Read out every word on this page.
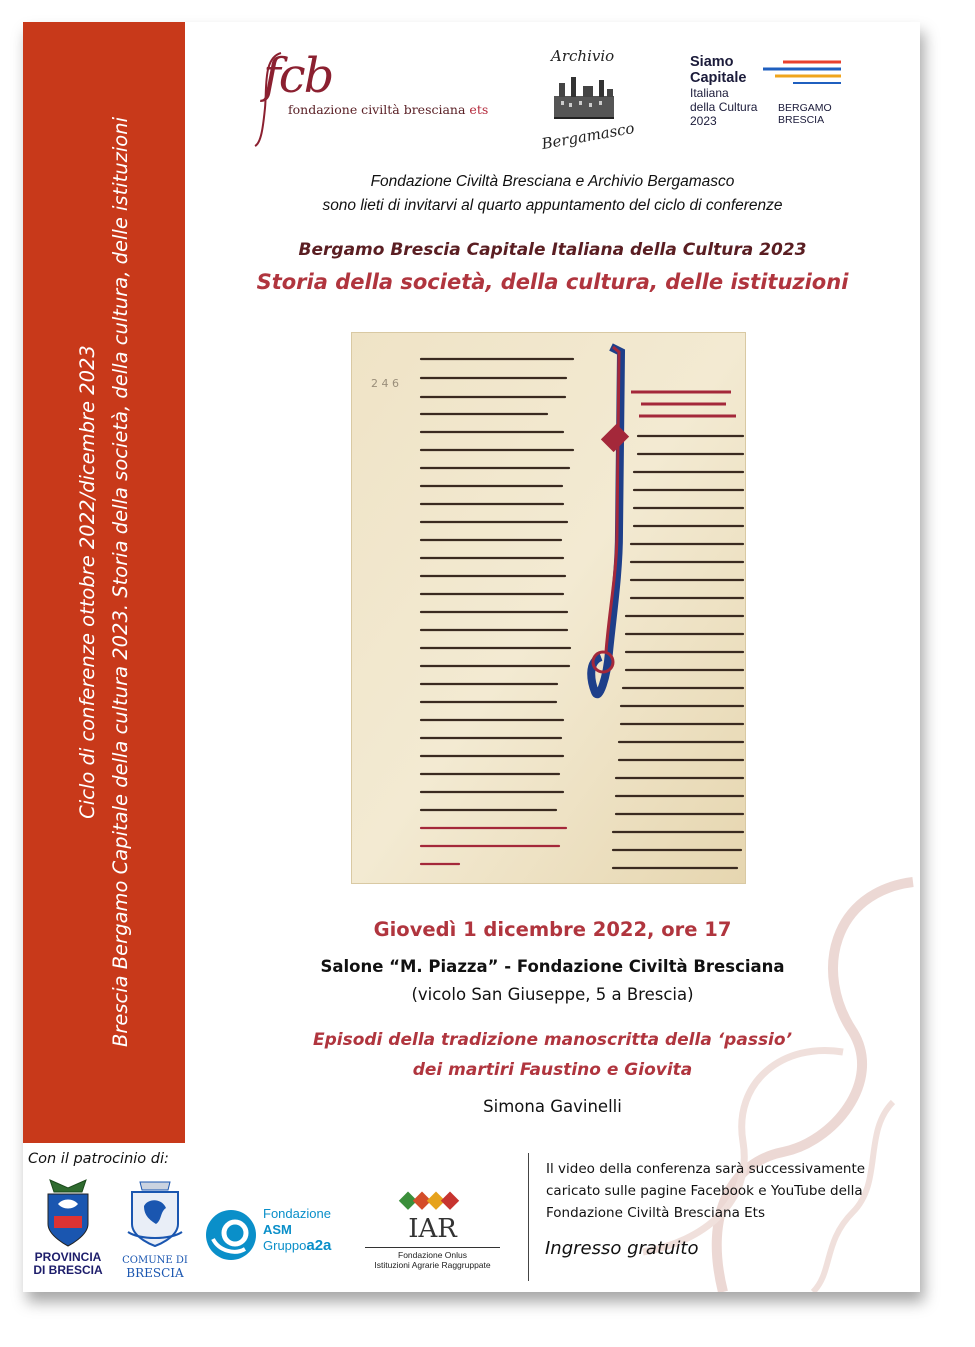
Ciclo di conferenze ottobre 2022/dicembre 2023 Brescia Bergamo Capitale della cultura 2023. Storia della società, della cultura, delle istituzioni
fcb
fondazione civiltà bresciana ets
Archivio
Bergamasco
Siamo
Capitale
Italiana
della Cultura
2023
BERGAMO
BRESCIA
Fondazione Civiltà Bresciana e Archivio Bergamasco
sono lieti di invitarvi al quarto appuntamento del ciclo di conferenze
Bergamo Brescia Capitale Italiana della Cultura 2023
Storia della società, della cultura, delle istituzioni
2 4 6
Giovedì 1 dicembre 2022, ore 17
Salone “M. Piazza” - Fondazione Civiltà Bresciana
(vicolo San Giuseppe, 5 a Brescia)
Episodi della tradizione manoscritta della ‘passio’
dei martiri Faustino e Giovita
Simona Gavinelli
Con il patrocinio di:
PROVINCIA
DI BRESCIA
COMUNE DI
BRESCIA
Fondazione
ASM
Gruppoa2a
IAR
Fondazione Onlus
Istituzioni Agrarie Raggruppate
Il video della conferenza sarà successivamente
caricato sulle pagine Facebook e YouTube della
Fondazione Civiltà Bresciana Ets
Ingresso gratuito
